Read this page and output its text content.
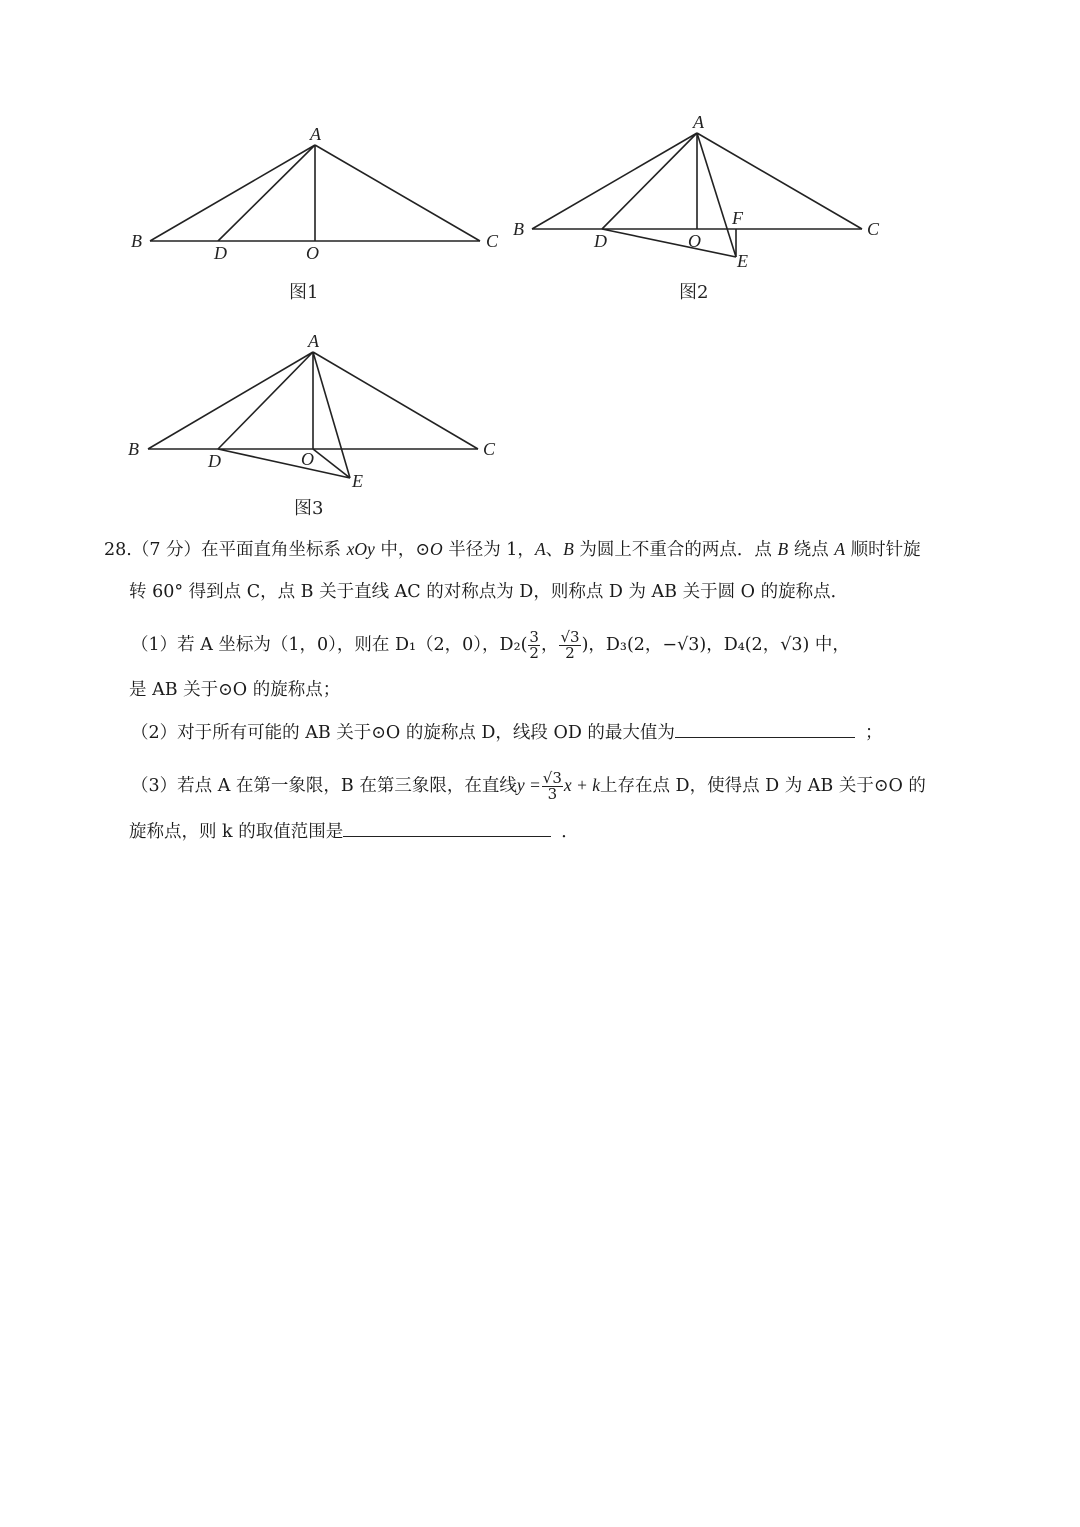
A
B	C
D	O
A
B	C
D	O
E
F
A
B	C
D	O
E
图1	图2
图3
28.（7 分）在平面直角坐标系 xOy 中，⊙O 半径为 1，A、B 为圆上不重合的两点．点 B 绕点 A 顺时针旋
转 60° 得到点 C，点 B 关于直线 AC 的对称点为 D，则称点 D 为 AB 关于圆 O 的旋称点．
（1）若 A 坐标为（1，0），则在 D₁（2，0），$D_2( \frac{3}{2}$ ， $\frac{√3}{2}$ )，D₃(2，−√3)，D₄(2，√3) 中，
是 AB 关于⊙O 的旋称点；
（2）对于所有可能的 AB 关于⊙O 的旋称点 D，线段 OD 的最大值为	；
（3）若点 A 在第一象限，B 在第三象限，在直线$y = \frac{√3}{3}$ x + k上存在点 D，使得点 D 为 AB 关于⊙O 的
旋称点，则 k 的取值范围是	．
